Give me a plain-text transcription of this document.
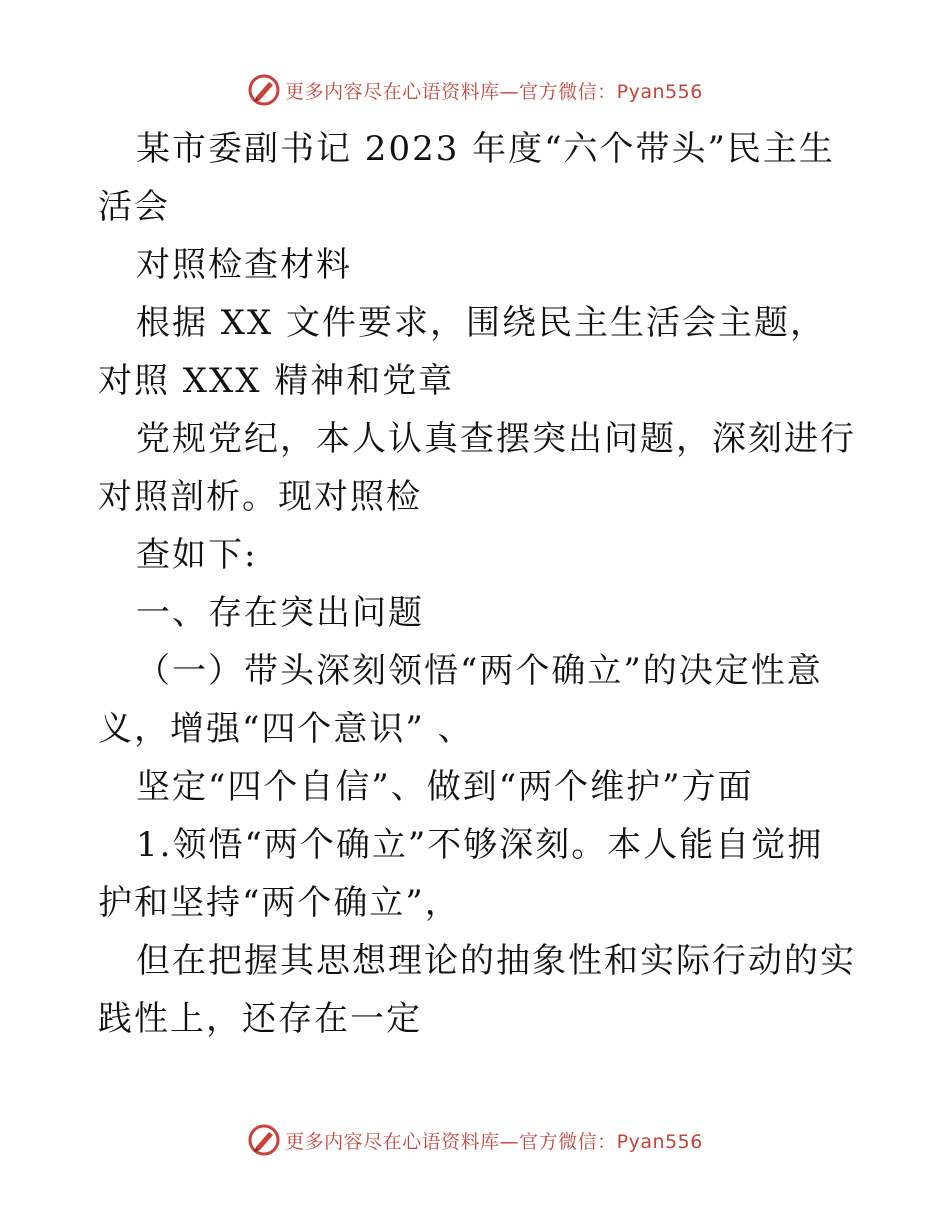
更多内容尽在心语资料库—官方微信：Pyan556

某市委副书记 2023 年度“六个带头”民主生活会

对照检查材料

根据 XX 文件要求，围绕民主生活会主题，对照 XXX 精神和党章

党规党纪，本人认真查摆突出问题，深刻进行对照剖析。现对照检

查如下:

一、存在突出问题

（一）带头深刻领悟“两个确立”的决定性意义，增强“四个意识” 、

坚定“四个自信”、做到“两个维护”方面

1.领悟“两个确立”不够深刻。本人能自觉拥护和坚持“两个确立”，

但在把握其思想理论的抽象性和实际行动的实践性上，还存在一定

更多内容尽在心语资料库—官方微信：Pyan556
